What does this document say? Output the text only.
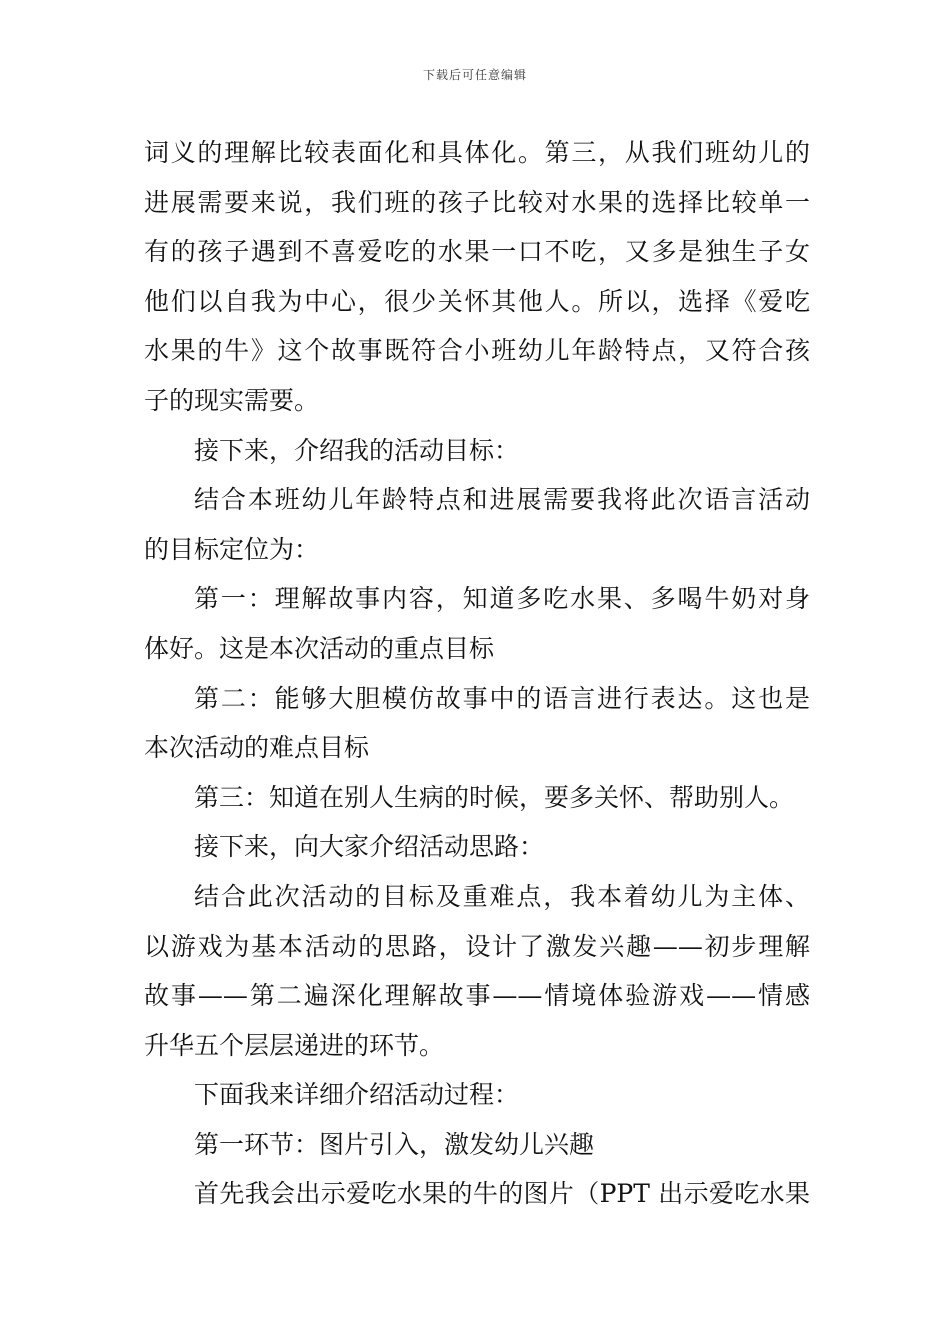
下载后可任意编辑
词义的理解比较表面化和具体化。第三，从我们班幼儿的
进展需要来说，我们班的孩子比较对水果的选择比较单一
有的孩子遇到不喜爱吃的水果一口不吃，又多是独生子女
他们以自我为中心，很少关怀其他人。所以，选择《爱吃
水果的牛》这个故事既符合小班幼儿年龄特点，又符合孩
子的现实需要。
接下来，介绍我的活动目标：
结合本班幼儿年龄特点和进展需要我将此次语言活动
的目标定位为：
第一：理解故事内容，知道多吃水果、多喝牛奶对身
体好。这是本次活动的重点目标
第二：能够大胆模仿故事中的语言进行表达。这也是
本次活动的难点目标
第三：知道在别人生病的时候，要多关怀、帮助别人。
接下来，向大家介绍活动思路：
结合此次活动的目标及重难点，我本着幼儿为主体、
以游戏为基本活动的思路，设计了激发兴趣——初步理解
故事——第二遍深化理解故事——情境体验游戏——情感
升华五个层层递进的环节。
下面我来详细介绍活动过程：
第一环节：图片引入，激发幼儿兴趣
首先我会出示爱吃水果的牛的图片（PPT 出示爱吃水果
